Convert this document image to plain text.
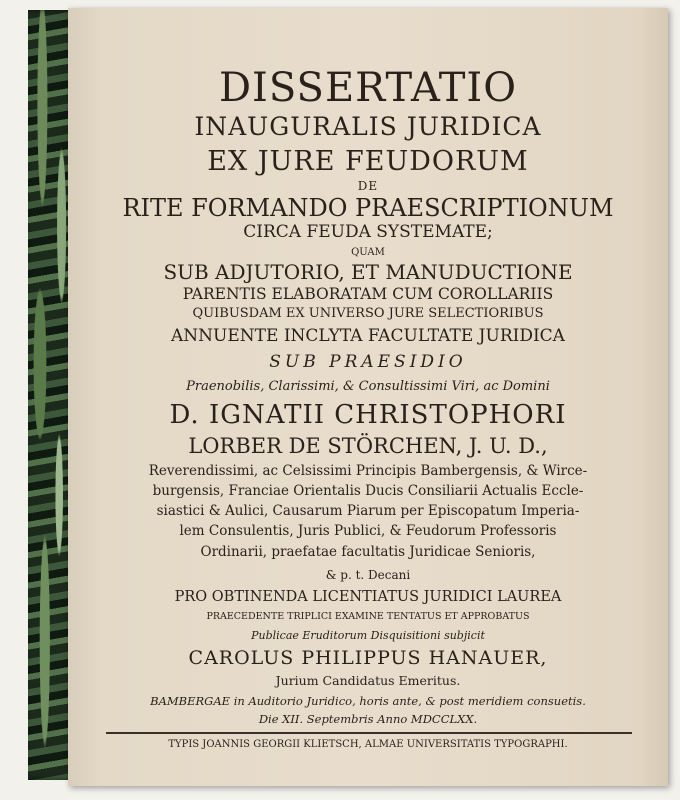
DISSERTATIO
INAUGURALIS JURIDICA
EX JURE FEUDORUM
DE
RITE FORMANDO PRAESCRIPTIONUM
CIRCA FEUDA SYSTEMATE;
QUAM
SUB ADJUTORIO, ET MANUDUCTIONE
PARENTIS ELABORATAM CUM COROLLARIIS
QUIBUSDAM EX UNIVERSO JURE SELECTIORIBUS
ANNUENTE INCLYTA FACULTATE JURIDICA
SUB PRAESIDIO
Praenobilis, Clarissimi, & Consultissimi Viri, ac Domini
D. IGNATII CHRISTOPHORI
LORBER DE STÖRCHEN, J. U. D.,
Reverendissimi, ac Celsissimi Principis Bambergensis, & Wirce-
burgensis, Franciae Orientalis Ducis Consiliarii Actualis Eccle-
siastici & Aulici, Causarum Piarum per Episcopatum Imperia-
lem Consulentis, Juris Publici, & Feudorum Professoris
Ordinarii, praefatae facultatis Juridicae Senioris,
& p. t. Decani
PRO OBTINENDA LICENTIATUS JURIDICI LAUREA
PRAECEDENTE TRIPLICI EXAMINE TENTATUS ET APPROBATUS
Publicae Eruditorum Disquisitioni subjicit
CAROLUS PHILIPPUS HANAUER,
Jurium Candidatus Emeritus.
BAMBERGAE in Auditorio Juridico, horis ante, & post meridiem consuetis.
Die XII. Septembris Anno MDCCLXX.
TYPIS JOANNIS GEORGII KLIETSCH, ALMAE UNIVERSITATIS TYPOGRAPHI.
